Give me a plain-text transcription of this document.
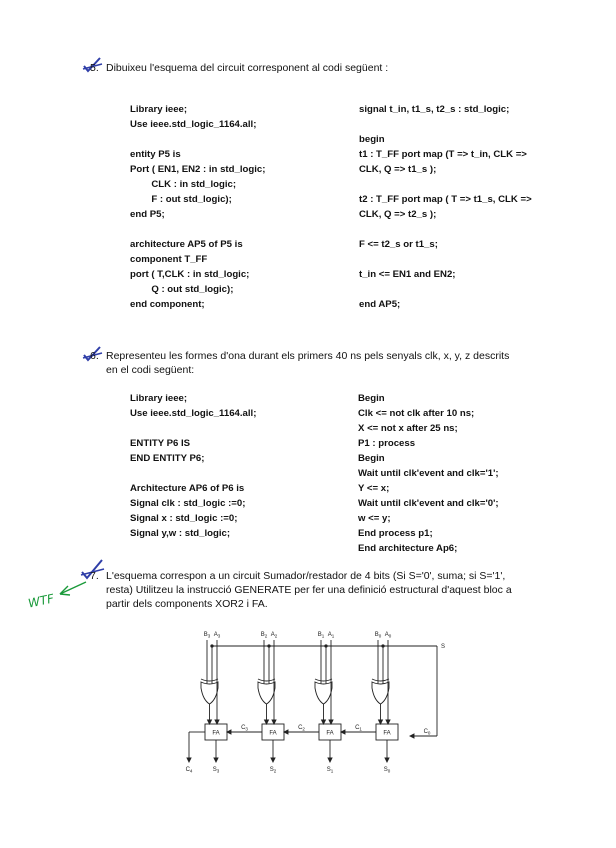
5. Dibuixeu l'esquema del circuit corresponent al codi següent :
Library ieee;
Use ieee.std_logic_1164.all;
entity P5 is
Port ( EN1, EN2 : in std_logic;
CLK : in std_logic;
F : out std_logic);
end P5;
architecture AP5 of P5 is
component T_FF
port ( T,CLK : in std_logic;
Q : out std_logic);
end component;
signal t_in, t1_s, t2_s : std_logic;
begin
t1 : T_FF port map (T => t_in, CLK =>
CLK, Q => t1_s );
t2 : T_FF port map ( T => t1_s, CLK =>
CLK, Q => t2_s );
F <= t2_s or t1_s;
t_in <= EN1 and EN2;
end AP5;
6. Representeu les formes d'ona durant els primers 40 ns pels senyals clk, x, y, z descrits
en el codi següent:
Library ieee;
Use ieee.std_logic_1164.all;
ENTITY P6 IS
END ENTITY P6;
Architecture AP6 of P6 is
Signal clk : std_logic :=0;
Signal x : std_logic :=0;
Signal y,w : std_logic;
Begin
Clk <= not clk after 10 ns;
X <= not x after 25 ns;
P1 : process
Begin
Wait until clk'event and clk='1';
Y <= x;
Wait until clk'event and clk='0';
w <= y;
End process p1;
End architecture Ap6;
7. L'esquema correspon a un circuit Sumador/restador de 4 bits (Si S='0', suma; si S='1',
resta) Utilitzeu la instrucció GENERATE per fer una definició estructural d'aquest bloc a
partir dels components XOR2 i FA.
WTF
S
$C_0$
$B_3$ $A_3$
FA
$S_3$
$B_2$ $A_2$
FA
$S_2$
$C_3$
$B_1$ $A_1$
FA
$S_1$
$C_2$
$B_0$ $A_0$
FA
$S_0$
$C_1$
$C_4$
